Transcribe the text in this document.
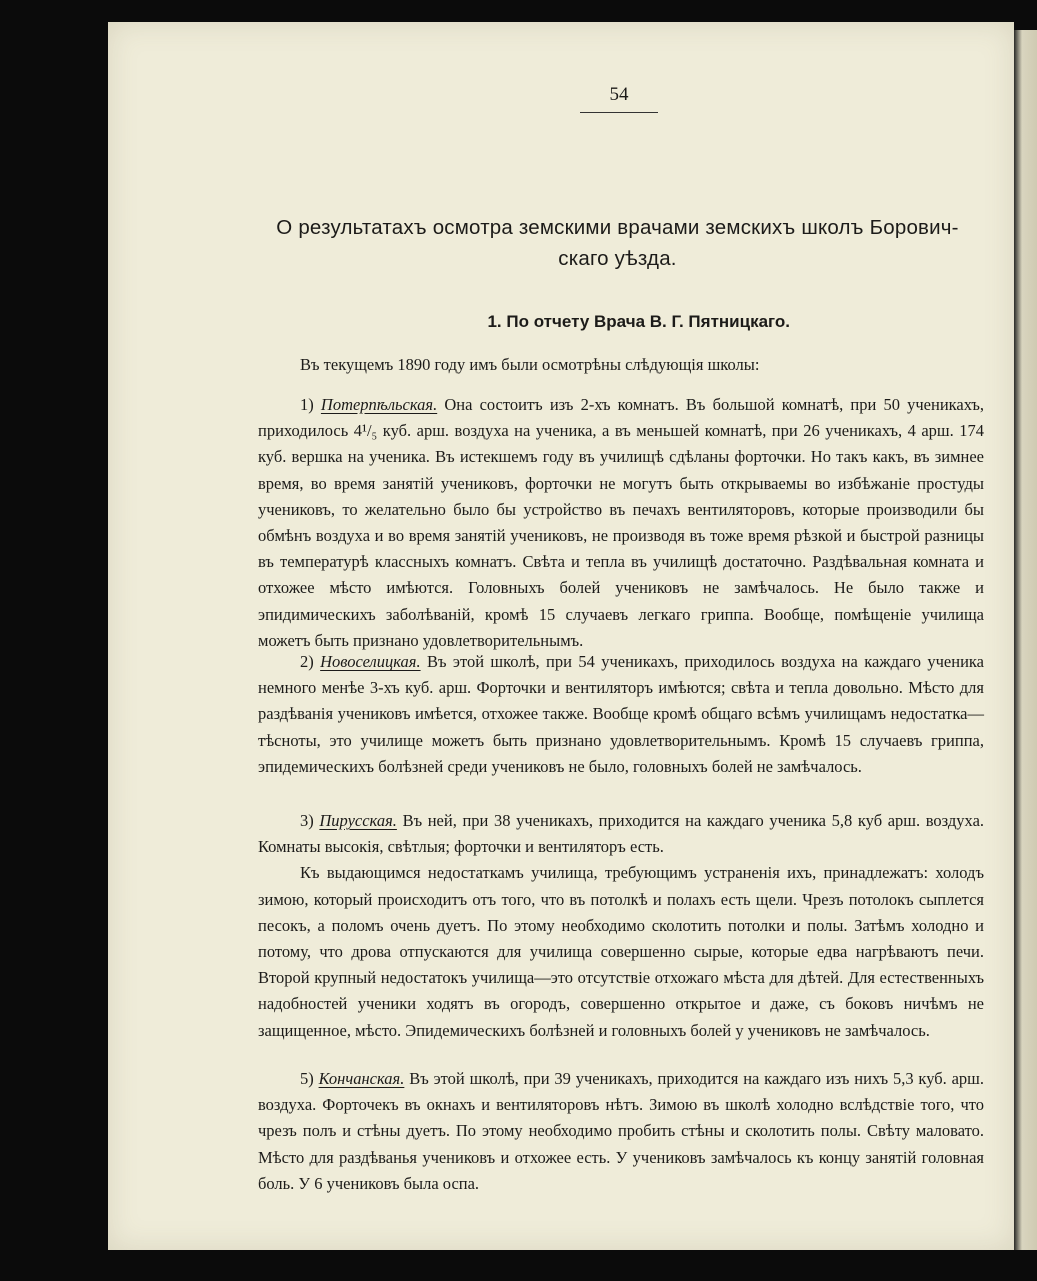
54
О результатахъ осмотра земскими врачами земскихъ школъ Борович-
скаго уѣзда.
1. По отчету Врача В. Г. Пятницкаго.

Въ текущемъ 1890 году имъ были осмотрѣны слѣдующія школы:

1) Потерпѣльская. Она состоитъ изъ 2-хъ комнатъ. Въ большой комнатѣ, при 50 ученикахъ, приходилось 4¹/₅ куб. арш. воздуха на ученика, а въ меньшей комнатѣ, при 26 ученикахъ, 4 арш. 174 куб. вершка на ученика. Въ истекшемъ году въ училищѣ сдѣланы форточки. Но такъ какъ, въ зимнее время, во время занятій учениковъ, форточки не могутъ быть открываемы во избѣжаніе простуды учениковъ, то желательно было бы устройство въ печахъ вентиляторовъ, которые производили бы обмѣнъ воздуха и во время занятій учениковъ, не производя въ тоже время рѣзкой и быстрой разницы въ температурѣ классныхъ комнатъ. Свѣта и тепла въ училищѣ достаточно. Раздѣвальная комната и отхожее мѣсто имѣются. Головныхъ болей учениковъ не замѣчалось. Не было также и эпидимическихъ заболѣваній, кромѣ 15 случаевъ легкаго гриппа. Вообще, помѣщеніе училища можетъ быть признано удовлетворительнымъ.

2) Новоселицкая. Въ этой школѣ, при 54 ученикахъ, приходилось воздуха на каждаго ученика немного менѣе 3-хъ куб. арш. Форточки и вентиляторъ имѣются; свѣта и тепла довольно. Мѣсто для раздѣванія учениковъ имѣется, отхожее также. Вообще кромѣ общаго всѣмъ училищамъ недостатка—тѣсноты, это училище можетъ быть признано удовлетворительнымъ. Кромѣ 15 случаевъ гриппа, эпидемическихъ болѣзней среди учениковъ не было, головныхъ болей не замѣчалось.

3) Пирусская. Въ ней, при 38 ученикахъ, приходится на каждаго ученика 5,8 куб арш. воздуха. Комнаты высокія, свѣтлыя; форточки и вентиляторъ есть.

Къ выдающимся недостаткамъ училища, требующимъ устраненія ихъ, принадлежатъ: холодъ зимою, который происходитъ отъ того, что въ потолкѣ и полахъ есть щели. Чрезъ потолокъ сыплется песокъ, а поломъ очень дуетъ. По этому необходимо сколотить потолки и полы. Затѣмъ холодно и потому, что дрова отпускаются для училища совершенно сырые, которые едва нагрѣваютъ печи. Второй крупный недостатокъ училища—это отсутствіе отхожаго мѣста для дѣтей. Для естественныхъ надобностей ученики ходятъ въ огородъ, совершенно открытое и даже, съ боковъ ничѣмъ не защищенное, мѣсто. Эпидемическихъ болѣзней и головныхъ болей у учениковъ не замѣчалось.

5) Кончанская. Въ этой школѣ, при 39 ученикахъ, приходится на каждаго изъ нихъ 5,3 куб. арш. воздуха. Форточекъ въ окнахъ и вентиляторовъ нѣтъ. Зимою въ школѣ холодно вслѣдствіе того, что чрезъ полъ и стѣны дуетъ. По этому необходимо пробить стѣны и сколотить полы. Свѣту маловато. Мѣсто для раздѣванья учениковъ и отхожее есть. У учениковъ замѣчалось къ концу занятій головная боль. У 6 учениковъ была оспа.
